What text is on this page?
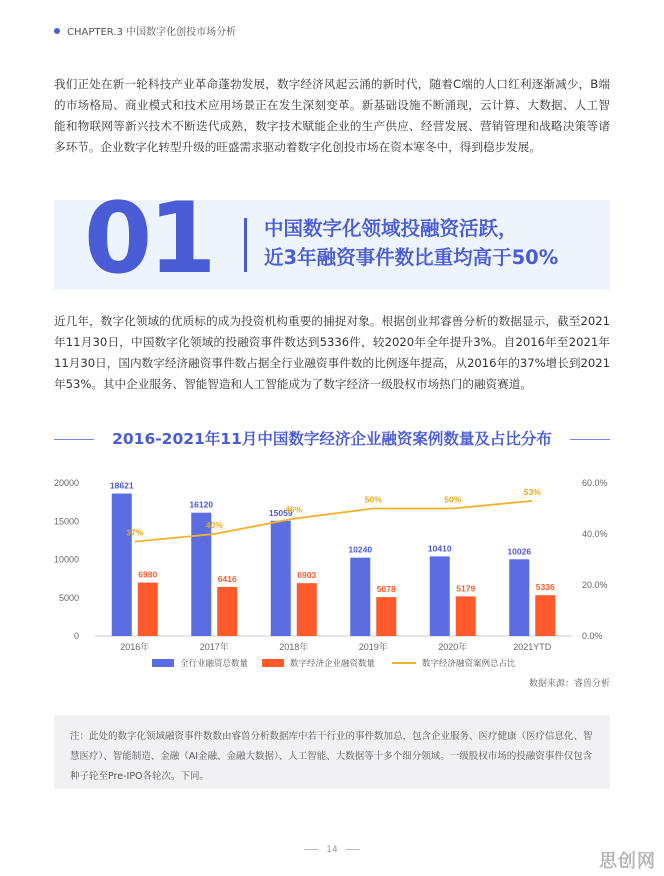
CHAPTER.3 中国数字化创投市场分析
我们正处在新一轮科技产业革命蓬勃发展，数字经济风起云涌的新时代，随着C端的人口红利逐渐减少，B端的市场格局、商业模式和技术应用场景正在发生深刻变革。新基础设施不断涌现，云计算、大数据、人工智能和物联网等新兴技术不断迭代成熟，数字技术赋能企业的生产供应、经营发展、营销管理和战略决策等诸多环节。企业数字化转型升级的旺盛需求驱动着数字化创投市场在资本寒冬中，得到稳步发展。
01	中国数字化领域投融资活跃，
近3年融资事件数比重均高于50%
近几年，数字化领域的优质标的成为投资机构重要的捕捉对象。根据创业邦睿兽分析的数据显示，截至2021年11月30日，中国数字化领域的投融资事件数达到5336件，较2020年全年提升3%。自2016年至2021年11月30日，国内数字经济融资事件数占据全行业融资事件数的比例逐年提高，从2016年的37%增长到2021年53%。其中企业服务、智能智造和人工智能成为了数字经济一级股权市场热门的融资赛道。
2016-2021年11月中国数字经济企业融资案例数量及占比分布
0
5000
10000
15000
20000
0.0%
20.0%
40.0%
60.0%
18621
6980
2016年
16120
6416
2017年
15059
6903
2018年
10240
5078
2019年
10410
5179
2020年
10026
5336
2021YTD
37%
40%
46%
50%	50%
53%
全行业融资总数量	数字经济企业融资数量	数字经济融资案例总占比
数据来源：睿兽分析
注：此处的数字化领域融资事件数数由睿兽分析数据库中若干行业的事件数加总，包含企业服务、医疗健康（医疗信息化、智慧医疗）、智能制造、金融（AI金融、金融大数据）、人工智能、大数据等十多个细分领域。一级股权市场的投融资事件仅包含种子轮至Pre-IPO各轮次。下同。
14
思创网
